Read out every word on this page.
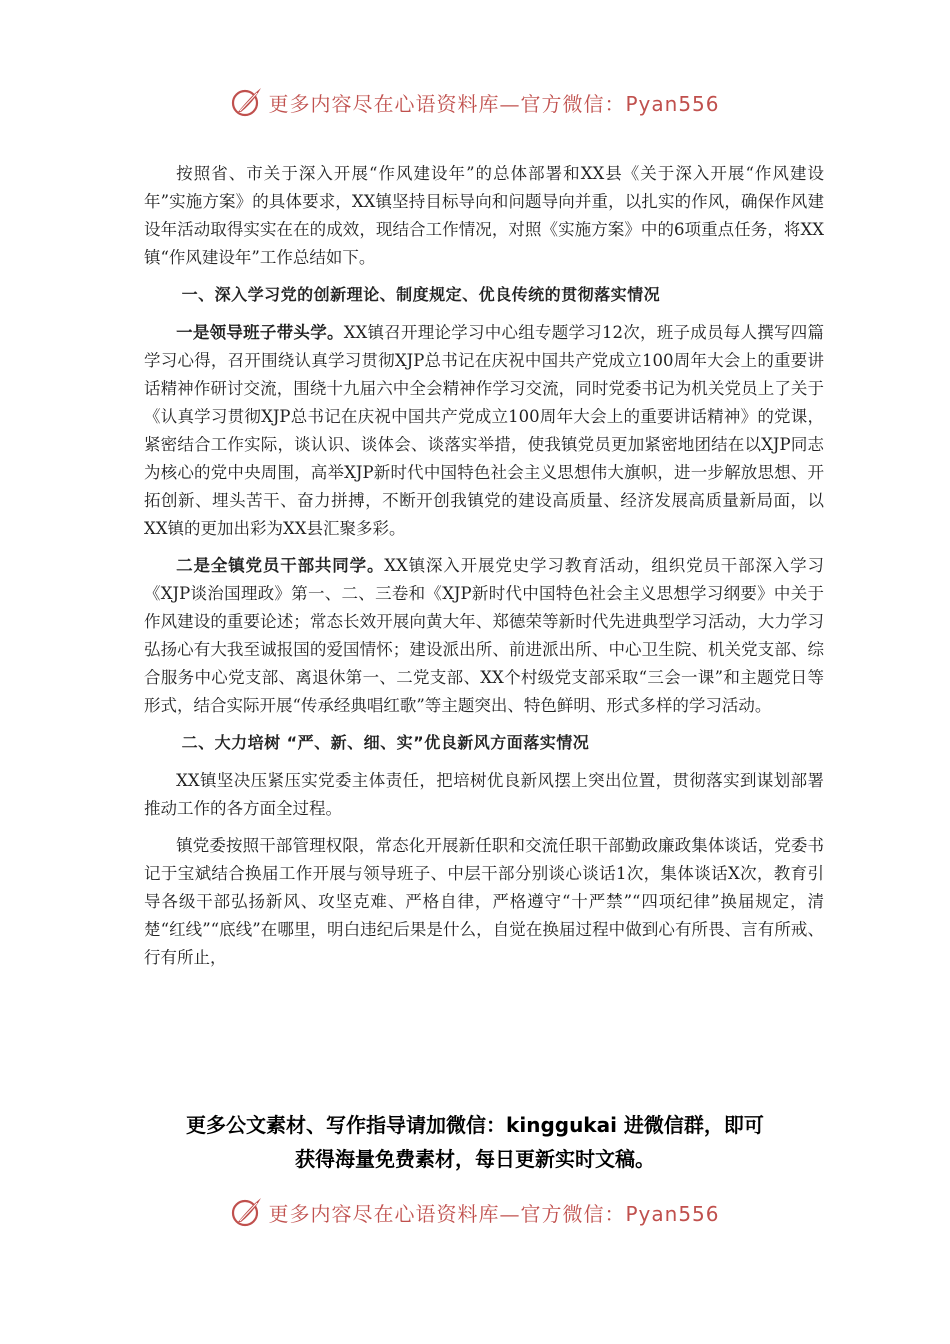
更多内容尽在心语资料库—官方微信：Pyan556

按照省、市关于深入开展“作风建设年”的总体部署和XX县《关于深入开展“作风建设年”实施方案》的具体要求，XX镇坚持目标导向和问题导向并重，以扎实的作风，确保作风建设年活动取得实实在在的成效，现结合工作情况，对照《实施方案》中的6项重点任务，将XX镇“作风建设年”工作总结如下。

一、深入学习党的创新理论、制度规定、优良传统的贯彻落实情况

一是领导班子带头学。XX镇召开理论学习中心组专题学习12次，班子成员每人撰写四篇学习心得，召开围绕认真学习贯彻XJP总书记在庆祝中国共产党成立100周年大会上的重要讲话精神作研讨交流，围绕十九届六中全会精神作学习交流，同时党委书记为机关党员上了关于《认真学习贯彻XJP总书记在庆祝中国共产党成立100周年大会上的重要讲话精神》的党课，紧密结合工作实际，谈认识、谈体会、谈落实举措，使我镇党员更加紧密地团结在以XJP同志为核心的党中央周围，高举XJP新时代中国特色社会主义思想伟大旗帜，进一步解放思想、开拓创新、埋头苦干、奋力拼搏，不断开创我镇党的建设高质量、经济发展高质量新局面，以XX镇的更加出彩为XX县汇聚多彩。

二是全镇党员干部共同学。XX镇深入开展党史学习教育活动，组织党员干部深入学习《XJP谈治国理政》第一、二、三卷和《XJP新时代中国特色社会主义思想学习纲要》中关于作风建设的重要论述；常态长效开展向黄大年、郑德荣等新时代先进典型学习活动，大力学习弘扬心有大我至诚报国的爱国情怀；建设派出所、前进派出所、中心卫生院、机关党支部、综合服务中心党支部、离退休第一、二党支部、XX个村级党支部采取“三会一课”和主题党日等形式，结合实际开展“传承经典唱红歌”等主题突出、特色鲜明、形式多样的学习活动。

二、大力培树 “严、新、细、实”优良新风方面落实情况

XX镇坚决压紧压实党委主体责任，把培树优良新风摆上突出位置，贯彻落实到谋划部署推动工作的各方面全过程。

镇党委按照干部管理权限，常态化开展新任职和交流任职干部勤政廉政集体谈话，党委书记于宝斌结合换届工作开展与领导班子、中层干部分别谈心谈话1次，集体谈话X次，教育引导各级干部弘扬新风、攻坚克难、严格自律，严格遵守“十严禁”“四项纪律”换届规定，清楚“红线”“底线”在哪里，明白违纪后果是什么，自觉在换届过程中做到心有所畏、言有所戒、行有所止，

更多公文素材、写作指导请加微信：kinggukai 进微信群，即可
获得海量免费素材，每日更新实时文稿。
更多内容尽在心语资料库—官方微信：Pyan556
